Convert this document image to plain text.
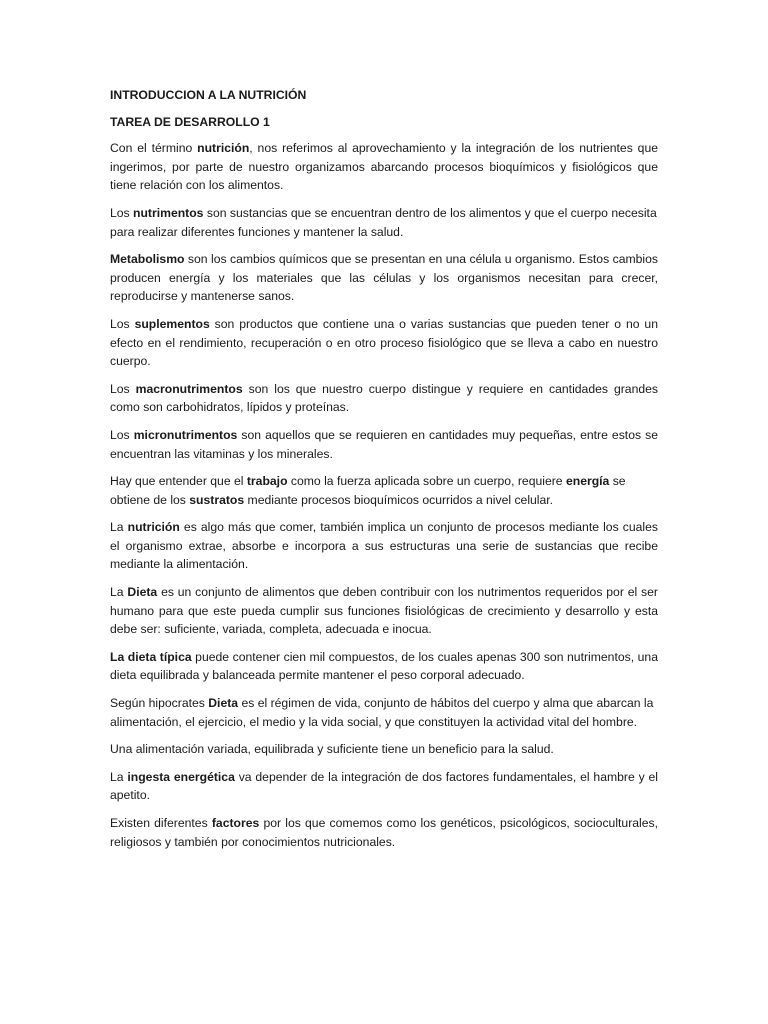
INTRODUCCION A LA NUTRICIÓN
TAREA DE DESARROLLO 1

Con el término nutrición, nos referimos al aprovechamiento y la integración de los nutrientes que ingerimos, por parte de nuestro organizamos abarcando procesos bioquímicos y fisiológicos que tiene relación con los alimentos.

Los nutrimentos son sustancias que se encuentran dentro de los alimentos y que el cuerpo necesita para realizar diferentes funciones y mantener la salud.

Metabolismo son los cambios químicos que se presentan en una célula u organismo. Estos cambios producen energía y los materiales que las células y los organismos necesitan para crecer, reproducirse y mantenerse sanos.

Los suplementos son productos que contiene una o varias sustancias que pueden tener o no un efecto en el rendimiento, recuperación o en otro proceso fisiológico que se lleva a cabo en nuestro cuerpo.

Los macronutrimentos son los que nuestro cuerpo distingue y requiere en cantidades grandes como son carbohidratos, lípidos y proteínas.

Los micronutrimentos son aquellos que se requieren en cantidades muy pequeñas, entre estos se encuentran las vitaminas y los minerales.

Hay que entender que el trabajo como la fuerza aplicada sobre un cuerpo, requiere energía se obtiene de los sustratos mediante procesos bioquímicos ocurridos a nivel celular.

La nutrición es algo más que comer, también implica un conjunto de procesos mediante los cuales el organismo extrae, absorbe e incorpora a sus estructuras una serie de sustancias que recibe mediante la alimentación.

La Dieta es un conjunto de alimentos que deben contribuir con los nutrimentos requeridos por el ser humano para que este pueda cumplir sus funciones fisiológicas de crecimiento y desarrollo y esta debe ser: suficiente, variada, completa, adecuada e inocua.

La dieta típica puede contener cien mil compuestos, de los cuales apenas 300 son nutrimentos, una dieta equilibrada y balanceada permite mantener el peso corporal adecuado.

Según hipocrates Dieta es el régimen de vida, conjunto de hábitos del cuerpo y alma que abarcan la alimentación, el ejercicio, el medio y la vida social, y que constituyen la actividad vital del hombre.

Una alimentación variada, equilibrada y suficiente tiene un beneficio para la salud.

La ingesta energética va depender de la integración de dos factores fundamentales, el hambre y el apetito.

Existen diferentes factores por los que comemos como los genéticos, psicológicos, socioculturales, religiosos y también por conocimientos nutricionales.
